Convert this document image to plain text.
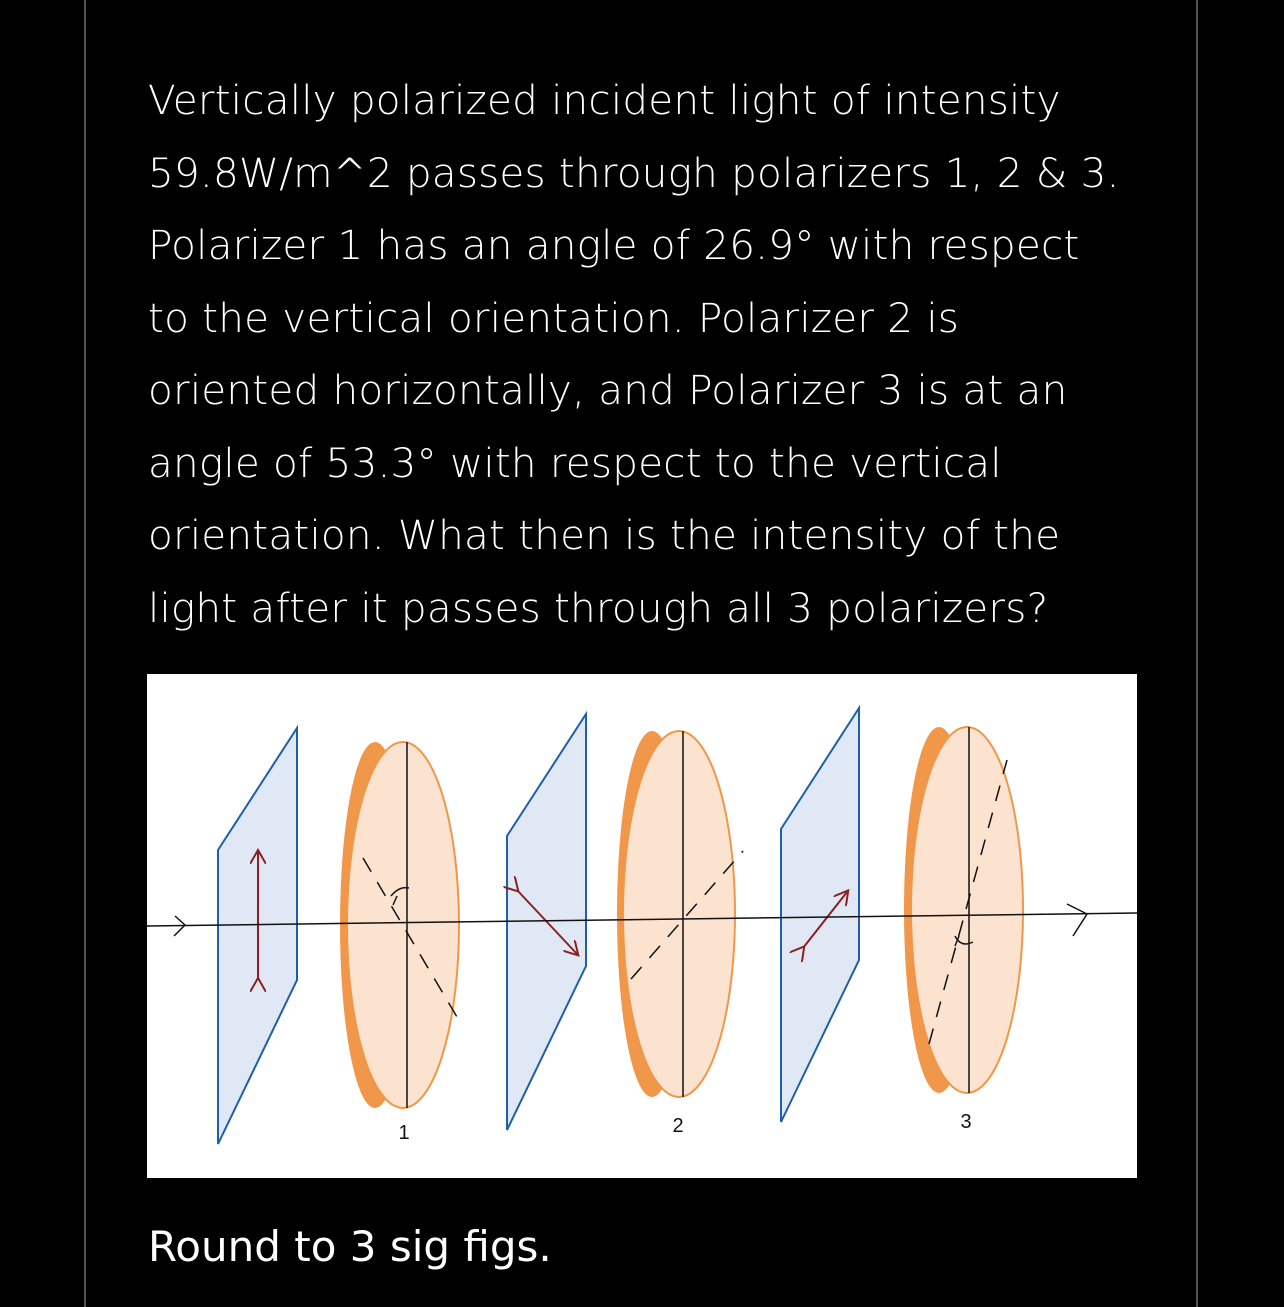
Vertically polarized incident light of intensity
59.8W/m^2 passes through polarizers 1, 2 & 3.
Polarizer 1 has an angle of 26.9° with respect
to the vertical orientation. Polarizer 2 is
oriented horizontally, and Polarizer 3 is at an
angle of 53.3° with respect to the vertical
orientation. What then is the intensity of the
light after it passes through all 3 polarizers?

1	2	3

Round to 3 sig figs.
